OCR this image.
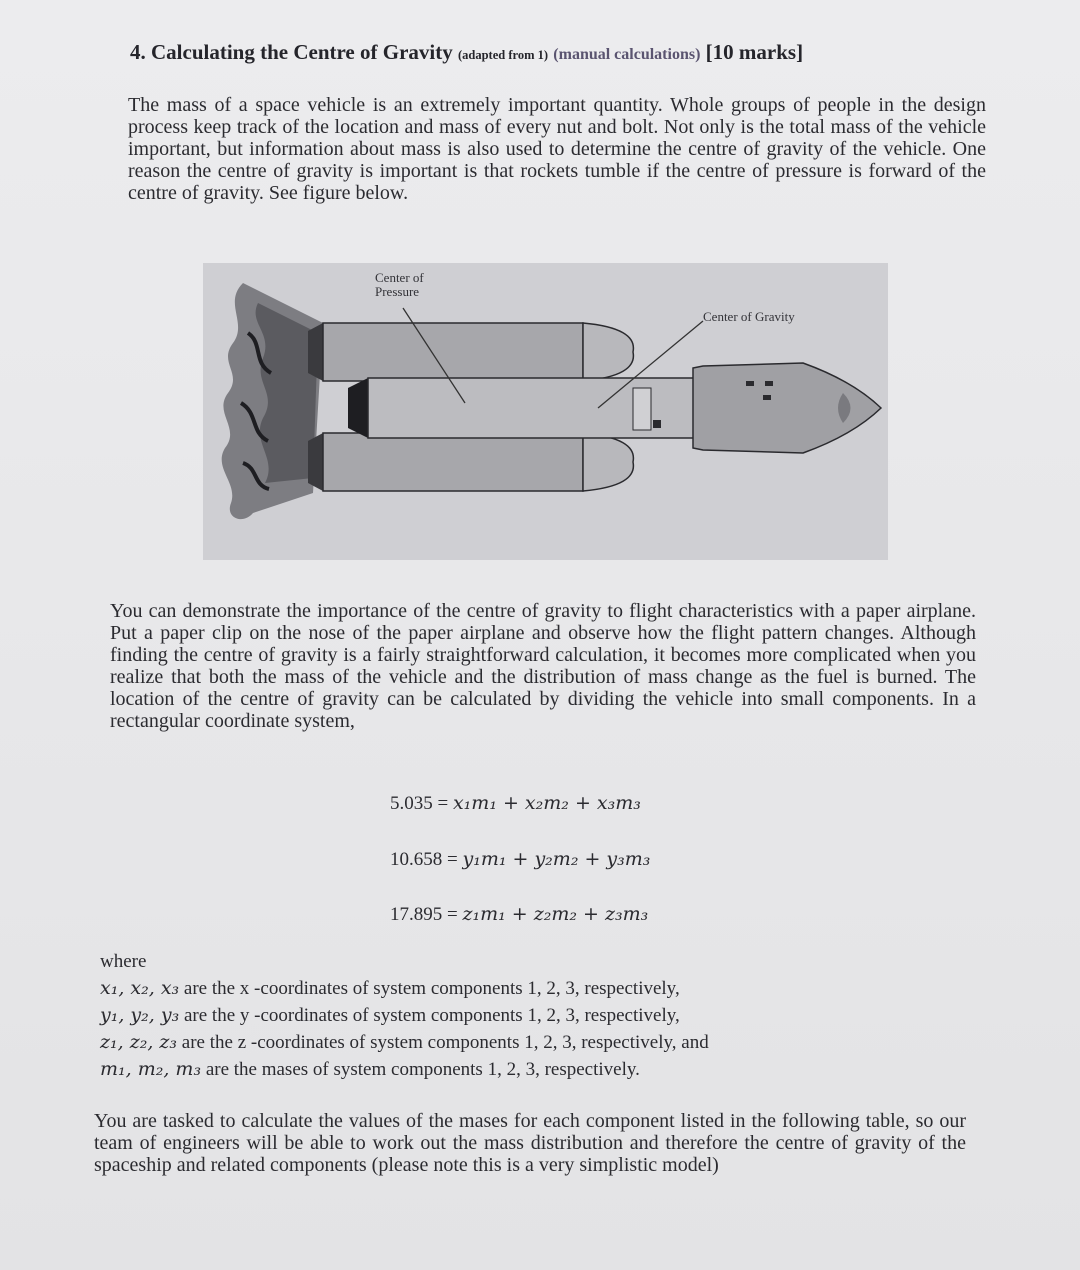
4. Calculating the Centre of Gravity (adapted from 1) (manual calculations) [10 marks]

The mass of a space vehicle is an extremely important quantity. Whole groups of people in the design process keep track of the location and mass of every nut and bolt. Not only is the total mass of the vehicle important, but information about mass is also used to determine the centre of gravity of the vehicle. One reason the centre of gravity is important is that rockets tumble if the centre of pressure is forward of the centre of gravity. See figure below.

Center of
Pressure
Center of Gravity

You can demonstrate the importance of the centre of gravity to flight characteristics with a paper airplane. Put a paper clip on the nose of the paper airplane and observe how the flight pattern changes. Although finding the centre of gravity is a fairly straightforward calculation, it becomes more complicated when you realize that both the mass of the vehicle and the distribution of mass change as the fuel is burned. The location of the centre of gravity can be calculated by dividing the vehicle into small components. In a rectangular coordinate system,

5.035 = x₁m₁ + x₂m₂ + x₃m₃
10.658 = y₁m₁ + y₂m₂ + y₃m₃
17.895 = z₁m₁ + z₂m₂ + z₃m₃
where
x₁, x₂, x₃ are the x -coordinates of system components 1, 2, 3, respectively,
y₁, y₂, y₃ are the y -coordinates of system components 1, 2, 3, respectively,
z₁, z₂, z₃ are the z -coordinates of system components 1, 2, 3, respectively, and
m₁, m₂, m₃ are the mases of system components 1, 2, 3, respectively.

You are tasked to calculate the values of the mases for each component listed in the following table, so our team of engineers will be able to work out the mass distribution and therefore the centre of gravity of the spaceship and related components (please note this is a very simplistic model)
